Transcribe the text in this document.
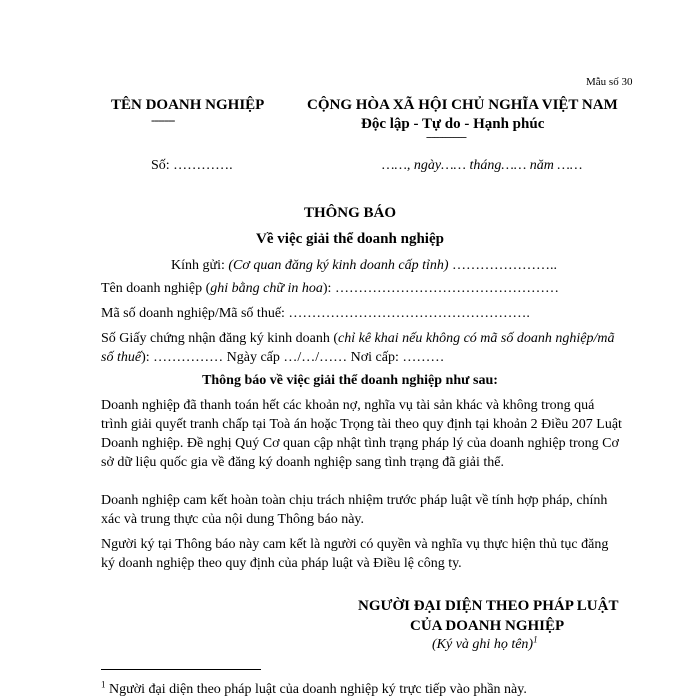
Mẫu số 30
TÊN DOANH NGHIỆP
-------
CỘNG HÒA XÃ HỘI CHỦ NGHĨA VIỆT NAM
Độc lập - Tự do - Hạnh phúc
---------------
Số: ………….	……, ngày…… tháng…… năm ……
THÔNG BÁO
Về việc giải thể doanh nghiệp
Kính gửi: (Cơ quan đăng ký kinh doanh cấp tỉnh) …………………..
Tên doanh nghiệp (ghi bằng chữ in hoa): …………………………………………
Mã số doanh nghiệp/Mã số thuế: …………………………………………….
Số Giấy chứng nhận đăng ký kinh doanh (chỉ kê khai nếu không có mã số doanh nghiệp/mã số thuế): …………… Ngày cấp …/…/…… Nơi cấp: ………
Thông báo về việc giải thể doanh nghiệp như sau:
Doanh nghiệp đã thanh toán hết các khoản nợ, nghĩa vụ tài sản khác và không trong quá trình giải quyết tranh chấp tại Toà án hoặc Trọng tài theo quy định tại khoản 2 Điều 207 Luật Doanh nghiệp. Đề nghị Quý Cơ quan cập nhật tình trạng pháp lý của doanh nghiệp trong Cơ sở dữ liệu quốc gia về đăng ký doanh nghiệp sang tình trạng đã giải thể.
Doanh nghiệp cam kết hoàn toàn chịu trách nhiệm trước pháp luật về tính hợp pháp, chính xác và trung thực của nội dung Thông báo này.
Người ký tại Thông báo này cam kết là người có quyền và nghĩa vụ thực hiện thủ tục đăng ký doanh nghiệp theo quy định của pháp luật và Điều lệ công ty.
NGƯỜI ĐẠI DIỆN THEO PHÁP LUẬT
CỦA DOANH NGHIỆP
(Ký và ghi họ tên)$^1$
$^1$ Người đại diện theo pháp luật của doanh nghiệp ký trực tiếp vào phần này.
